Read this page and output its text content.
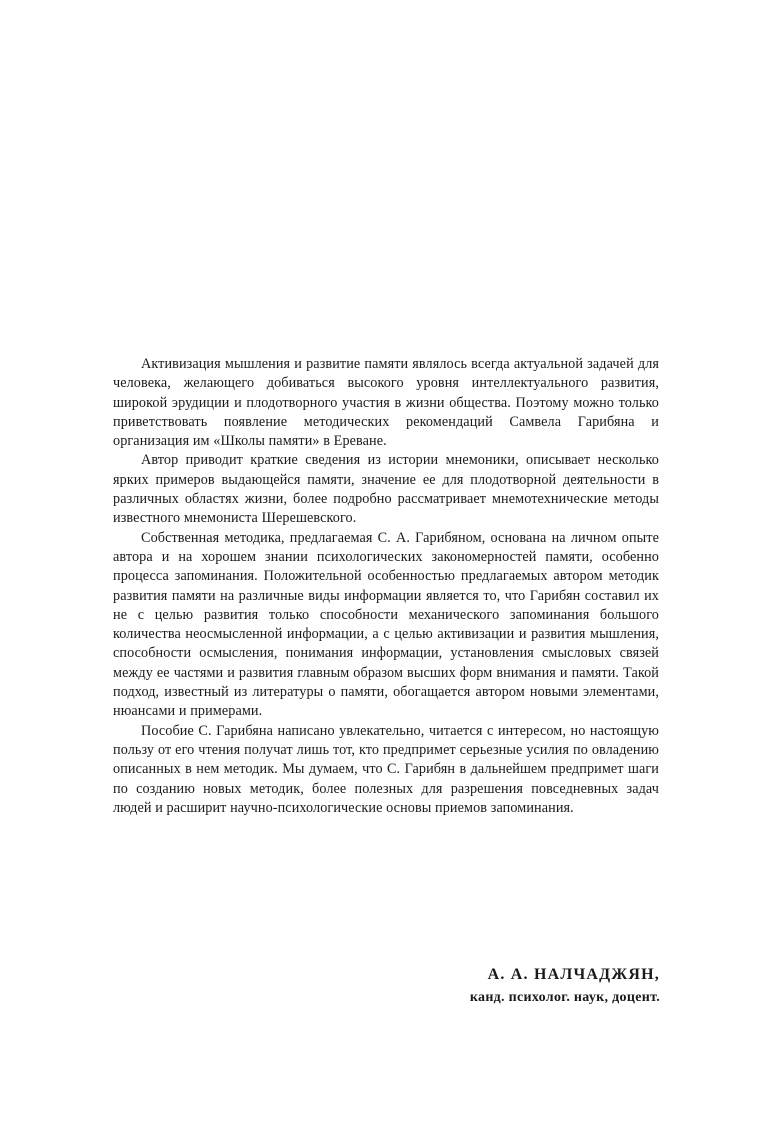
Активизация мышления и развитие памяти являлось всегда актуальной задачей для человека, желающего добиваться высокого уровня интеллектуального развития, широкой эрудиции и плодотворного участия в жизни общества. Поэтому можно только приветствовать появление методических рекомендаций Самвела Гарибяна и организация им «Школы памяти» в Ереване.

Автор приводит краткие сведения из истории мнемоники, описывает несколько ярких примеров выдающейся памяти, значение ее для плодотворной деятельности в различных областях жизни, более подробно рассматривает мнемотехнические методы известного мнемониста Шерешевского.

Собственная методика, предлагаемая С. А. Гарибяном, основана на личном опыте автора и на хорошем знании психологических закономерностей памяти, особенно процесса запоминания. Положительной особенностью предлагаемых автором методик развития памяти на различные виды информации является то, что Гарибян составил их не с целью развития только способности механического запоминания большого количества неосмысленной информации, а с целью активизации и развития мышления, способности осмысления, понимания информации, установления смысловых связей между ее частями и развития главным образом высших форм внимания и памяти. Такой подход, известный из литературы о памяти, обогащается автором новыми элементами, нюансами и примерами.

Пособие С. Гарибяна написано увлекательно, читается с интересом, но настоящую пользу от его чтения получат лишь тот, кто предпримет серьезные усилия по овладению описанных в нем методик. Мы думаем, что С. Гарибян в дальнейшем предпримет шаги по созданию новых методик, более полезных для разрешения повседневных задач людей и расширит научно-психологические основы приемов запоминания.

А. А. НАЛЧАДЖЯН,
канд. психолог. наук, доцент.
